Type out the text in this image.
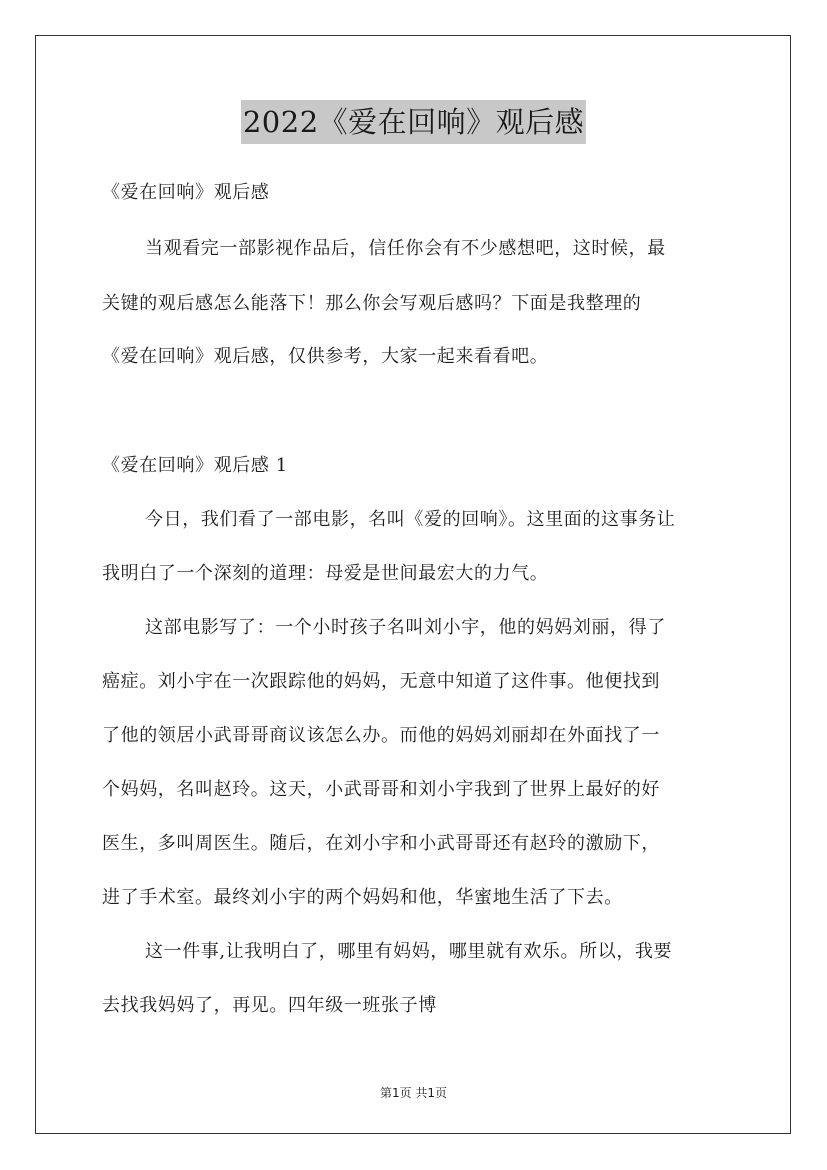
2022《爱在回响》观后感
《爱在回响》观后感
当观看完一部影视作品后，信任你会有不少感想吧，这时候，最
关键的观后感怎么能落下！那么你会写观后感吗？下面是我整理的
《爱在回响》观后感，仅供参考，大家一起来看看吧。
《爱在回响》观后感 1
今日，我们看了一部电影，名叫《爱的回响》。这里面的这事务让
我明白了一个深刻的道理：母爱是世间最宏大的力气。
这部电影写了：一个小时孩子名叫刘小宇，他的妈妈刘丽，得了
癌症。刘小宇在一次跟踪他的妈妈，无意中知道了这件事。他便找到
了他的领居小武哥哥商议该怎么办。而他的妈妈刘丽却在外面找了一
个妈妈，名叫赵玲。这天，小武哥哥和刘小宇我到了世界上最好的好
医生，多叫周医生。随后，在刘小宇和小武哥哥还有赵玲的激励下，
进了手术室。最终刘小宇的两个妈妈和他，华蜜地生活了下去。
这一件事,让我明白了，哪里有妈妈，哪里就有欢乐。所以，我要
去找我妈妈了，再见。四年级一班张子博
第1页 共1页
